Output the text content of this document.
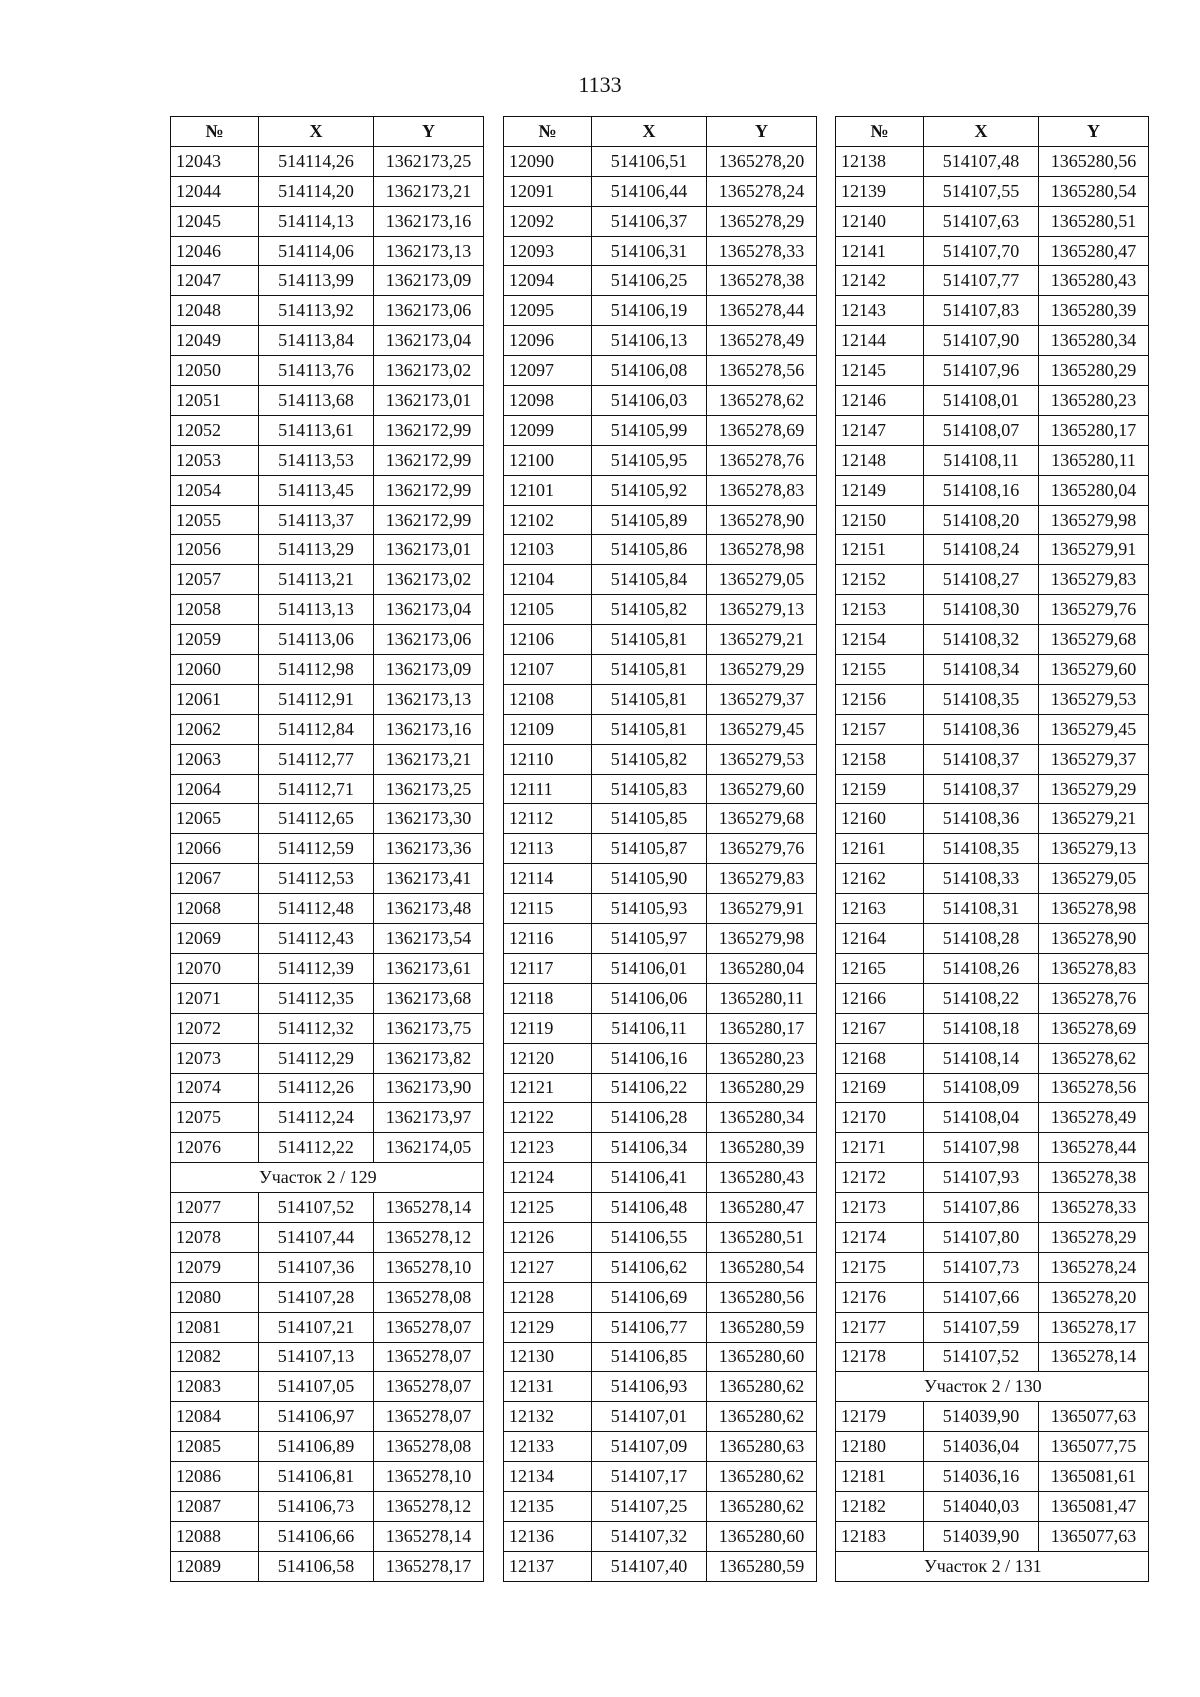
1133
№	X	Y
12043	514114,26	1362173,25
12044	514114,20	1362173,21
12045	514114,13	1362173,16
12046	514114,06	1362173,13
12047	514113,99	1362173,09
12048	514113,92	1362173,06
12049	514113,84	1362173,04
12050	514113,76	1362173,02
12051	514113,68	1362173,01
12052	514113,61	1362172,99
12053	514113,53	1362172,99
12054	514113,45	1362172,99
12055	514113,37	1362172,99
12056	514113,29	1362173,01
12057	514113,21	1362173,02
12058	514113,13	1362173,04
12059	514113,06	1362173,06
12060	514112,98	1362173,09
12061	514112,91	1362173,13
12062	514112,84	1362173,16
12063	514112,77	1362173,21
12064	514112,71	1362173,25
12065	514112,65	1362173,30
12066	514112,59	1362173,36
12067	514112,53	1362173,41
12068	514112,48	1362173,48
12069	514112,43	1362173,54
12070	514112,39	1362173,61
12071	514112,35	1362173,68
12072	514112,32	1362173,75
12073	514112,29	1362173,82
12074	514112,26	1362173,90
12075	514112,24	1362173,97
12076	514112,22	1362174,05
Участок 2 / 129		
12077	514107,52	1365278,14
12078	514107,44	1365278,12
12079	514107,36	1365278,10
12080	514107,28	1365278,08
12081	514107,21	1365278,07
12082	514107,13	1365278,07
12083	514107,05	1365278,07
12084	514106,97	1365278,07
12085	514106,89	1365278,08
12086	514106,81	1365278,10
12087	514106,73	1365278,12
12088	514106,66	1365278,14
12089	514106,58	1365278,17
№	X	Y
12090	514106,51	1365278,20
12091	514106,44	1365278,24
12092	514106,37	1365278,29
12093	514106,31	1365278,33
12094	514106,25	1365278,38
12095	514106,19	1365278,44
12096	514106,13	1365278,49
12097	514106,08	1365278,56
12098	514106,03	1365278,62
12099	514105,99	1365278,69
12100	514105,95	1365278,76
12101	514105,92	1365278,83
12102	514105,89	1365278,90
12103	514105,86	1365278,98
12104	514105,84	1365279,05
12105	514105,82	1365279,13
12106	514105,81	1365279,21
12107	514105,81	1365279,29
12108	514105,81	1365279,37
12109	514105,81	1365279,45
12110	514105,82	1365279,53
12111	514105,83	1365279,60
12112	514105,85	1365279,68
12113	514105,87	1365279,76
12114	514105,90	1365279,83
12115	514105,93	1365279,91
12116	514105,97	1365279,98
12117	514106,01	1365280,04
12118	514106,06	1365280,11
12119	514106,11	1365280,17
12120	514106,16	1365280,23
12121	514106,22	1365280,29
12122	514106,28	1365280,34
12123	514106,34	1365280,39
12124	514106,41	1365280,43
12125	514106,48	1365280,47
12126	514106,55	1365280,51
12127	514106,62	1365280,54
12128	514106,69	1365280,56
12129	514106,77	1365280,59
12130	514106,85	1365280,60
12131	514106,93	1365280,62
12132	514107,01	1365280,62
12133	514107,09	1365280,63
12134	514107,17	1365280,62
12135	514107,25	1365280,62
12136	514107,32	1365280,60
12137	514107,40	1365280,59
№	X	Y
12138	514107,48	1365280,56
12139	514107,55	1365280,54
12140	514107,63	1365280,51
12141	514107,70	1365280,47
12142	514107,77	1365280,43
12143	514107,83	1365280,39
12144	514107,90	1365280,34
12145	514107,96	1365280,29
12146	514108,01	1365280,23
12147	514108,07	1365280,17
12148	514108,11	1365280,11
12149	514108,16	1365280,04
12150	514108,20	1365279,98
12151	514108,24	1365279,91
12152	514108,27	1365279,83
12153	514108,30	1365279,76
12154	514108,32	1365279,68
12155	514108,34	1365279,60
12156	514108,35	1365279,53
12157	514108,36	1365279,45
12158	514108,37	1365279,37
12159	514108,37	1365279,29
12160	514108,36	1365279,21
12161	514108,35	1365279,13
12162	514108,33	1365279,05
12163	514108,31	1365278,98
12164	514108,28	1365278,90
12165	514108,26	1365278,83
12166	514108,22	1365278,76
12167	514108,18	1365278,69
12168	514108,14	1365278,62
12169	514108,09	1365278,56
12170	514108,04	1365278,49
12171	514107,98	1365278,44
12172	514107,93	1365278,38
12173	514107,86	1365278,33
12174	514107,80	1365278,29
12175	514107,73	1365278,24
12176	514107,66	1365278,20
12177	514107,59	1365278,17
12178	514107,52	1365278,14
Участок 2 / 130		
12179	514039,90	1365077,63
12180	514036,04	1365077,75
12181	514036,16	1365081,61
12182	514040,03	1365081,47
12183	514039,90	1365077,63
Участок 2 / 131		
